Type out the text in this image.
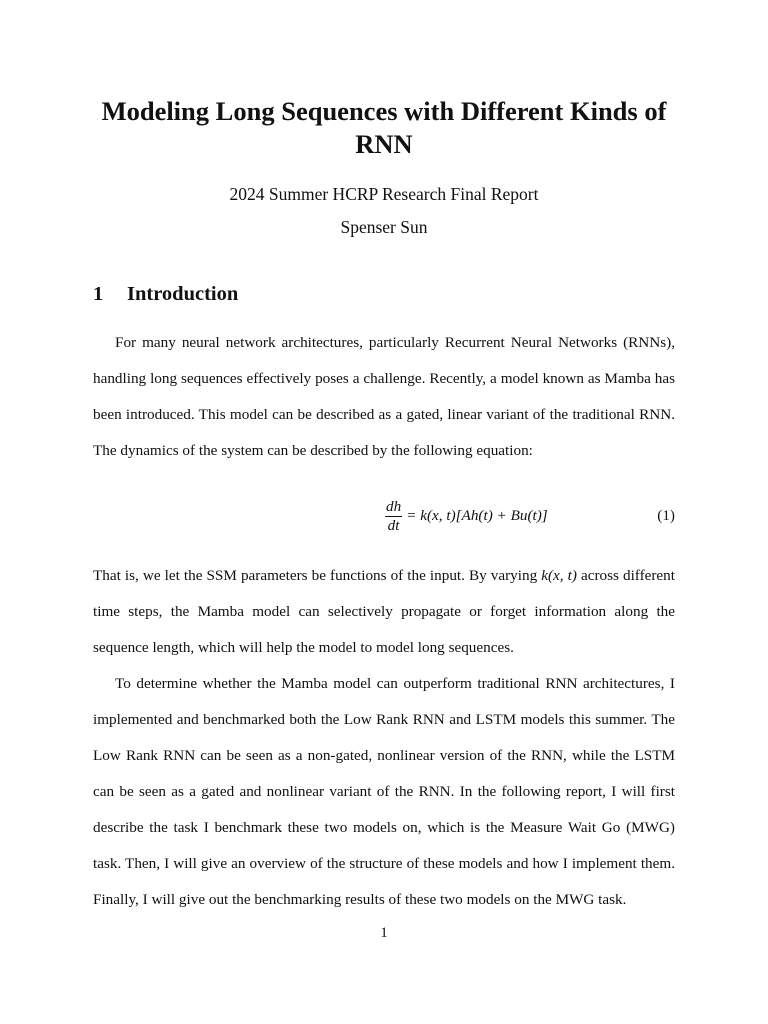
Modeling Long Sequences with Different Kinds of RNN

2024 Summer HCRP Research Final Report

Spenser Sun

1 Introduction

For many neural network architectures, particularly Recurrent Neural Networks (RNNs), handling long sequences effectively poses a challenge. Recently, a model known as Mamba has been introduced. This model can be described as a gated, linear variant of the traditional RNN. The dynamics of the system can be described by the following equation:

$\frac{dh}{dt} = k(x$, t)[Ah(t) + Bu(t)]	(1)

That is, we let the SSM parameters be functions of the input. By varying k(x, t) across different time steps, the Mamba model can selectively propagate or forget information along the sequence length, which will help the model to model long sequences.

To determine whether the Mamba model can outperform traditional RNN architectures, I implemented and benchmarked both the Low Rank RNN and LSTM models this summer. The Low Rank RNN can be seen as a non-gated, nonlinear version of the RNN, while the LSTM can be seen as a gated and nonlinear variant of the RNN. In the following report, I will first describe the task I benchmark these two models on, which is the Measure Wait Go (MWG) task. Then, I will give an overview of the structure of these models and how I implement them. Finally, I will give out the benchmarking results of these two models on the MWG task.

1
